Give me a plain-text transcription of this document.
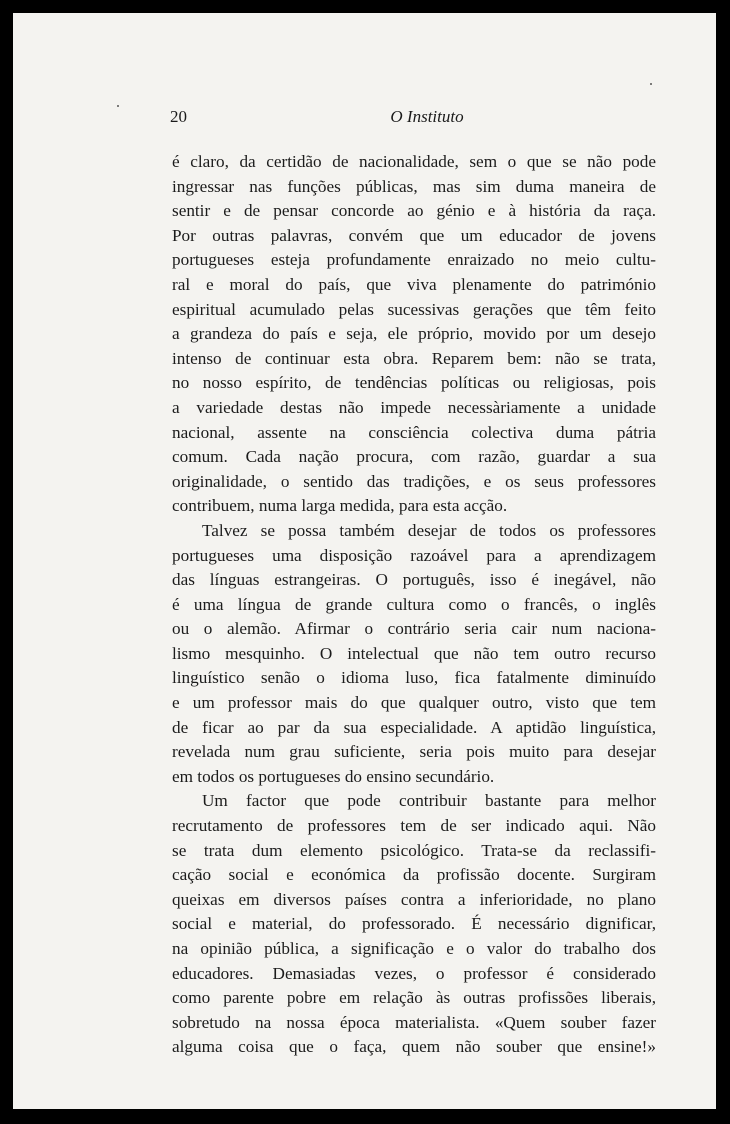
20	O Instituto
é claro, da certidão de nacionalidade, sem o que se não pode
ingressar nas funções públicas, mas sim duma maneira de
sentir e de pensar concorde ao génio e à história da raça.
Por outras palavras, convém que um educador de jovens
portugueses esteja profundamente enraizado no meio cultu-
ral e moral do país, que viva plenamente do património
espiritual acumulado pelas sucessivas gerações que têm feito
a grandeza do país e seja, ele próprio, movido por um desejo
intenso de continuar esta obra. Reparem bem: não se trata,
no nosso espírito, de tendências políticas ou religiosas, pois
a variedade destas não impede necessàriamente a unidade
nacional, assente na consciência colectiva duma pátria
comum. Cada nação procura, com razão, guardar a sua
originalidade, o sentido das tradições, e os seus professores
contribuem, numa larga medida, para esta acção.
Talvez se possa também desejar de todos os professores
portugueses uma disposição razoável para a aprendizagem
das línguas estrangeiras. O português, isso é inegável, não
é uma língua de grande cultura como o francês, o inglês
ou o alemão. Afirmar o contrário seria cair num naciona-
lismo mesquinho. O intelectual que não tem outro recurso
linguístico senão o idioma luso, fica fatalmente diminuído
e um professor mais do que qualquer outro, visto que tem
de ficar ao par da sua especialidade. A aptidão linguística,
revelada num grau suficiente, seria pois muito para desejar
em todos os portugueses do ensino secundário.
Um factor que pode contribuir bastante para melhor
recrutamento de professores tem de ser indicado aqui. Não
se trata dum elemento psicológico. Trata-se da reclassifi-
cação social e económica da profissão docente. Surgiram
queixas em diversos países contra a inferioridade, no plano
social e material, do professorado. É necessário dignificar,
na opinião pública, a significação e o valor do trabalho dos
educadores. Demasiadas vezes, o professor é considerado
como parente pobre em relação às outras profissões liberais,
sobretudo na nossa época materialista. «Quem souber fazer
alguma coisa que o faça, quem não souber que ensine!»
